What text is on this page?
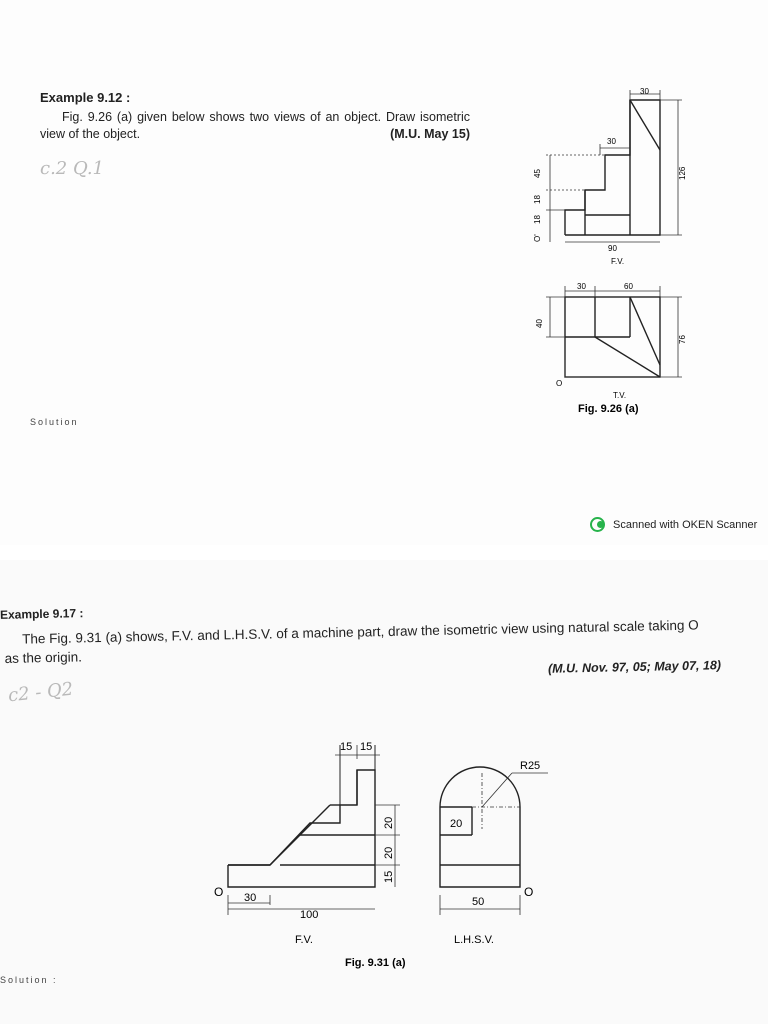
Example 9.12 :
Fig. 9.26 (a) given below shows two views of an object. Draw isometric view of the object.	(M.U. May 15)
c.2 Q.1
Solution
30
30
45
18
18
O'
90
126
F.V.
30	60
40
76
O
T.V.
Fig. 9.26 (a)
Scanned with OKEN Scanner
Example 9.17 :
The Fig. 9.31 (a) shows, F.V. and L.H.S.V. of a machine part, draw the isometric view using natural scale taking O
as the origin.
(M.U. Nov. 97, 05; May 07, 18)
c2 - Q2
15 15
20
20
15
30
100
O
F.V.
R25
20
50
O
L.H.S.V.
Fig. 9.31 (a)
Solution :
